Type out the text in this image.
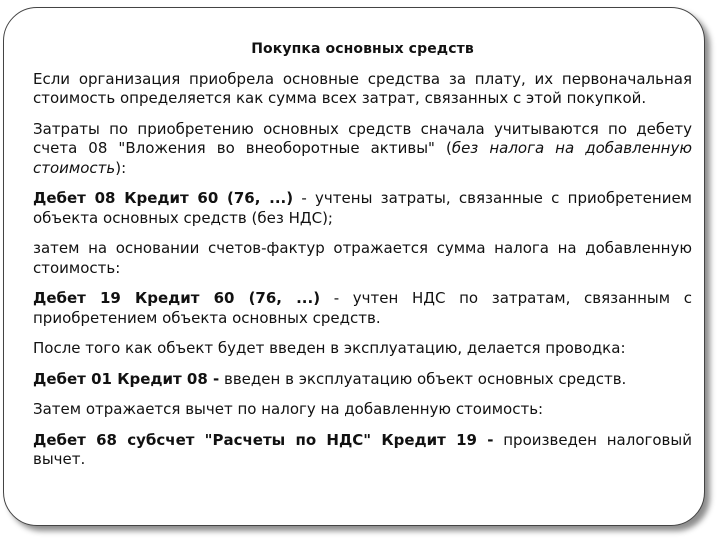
Покупка основных средств
Если организация приобрела основные средства за плату, их первоначальная стоимость определяется как сумма всех затрат, связанных с этой покупкой.
Затраты по приобретению основных средств сначала учитываются по дебету счета 08 "Вложения во внеоборотные активы" (без налога на добавленную стоимость):
Дебет 08 Кредит 60 (76, ...) - учтены затраты, связанные с приобретением объекта основных средств (без НДС);
затем на основании счетов-фактур отражается сумма налога на добавленную стоимость:
Дебет 19 Кредит 60 (76, ...) - учтен НДС по затратам, связанным с приобретением объекта основных средств.
После того как объект будет введен в эксплуатацию, делается проводка:
Дебет 01 Кредит 08 - введен в эксплуатацию объект основных средств.
Затем отражается вычет по налогу на добавленную стоимость:
Дебет 68 субсчет "Расчеты по НДС" Кредит 19 - произведен налоговый вычет.
